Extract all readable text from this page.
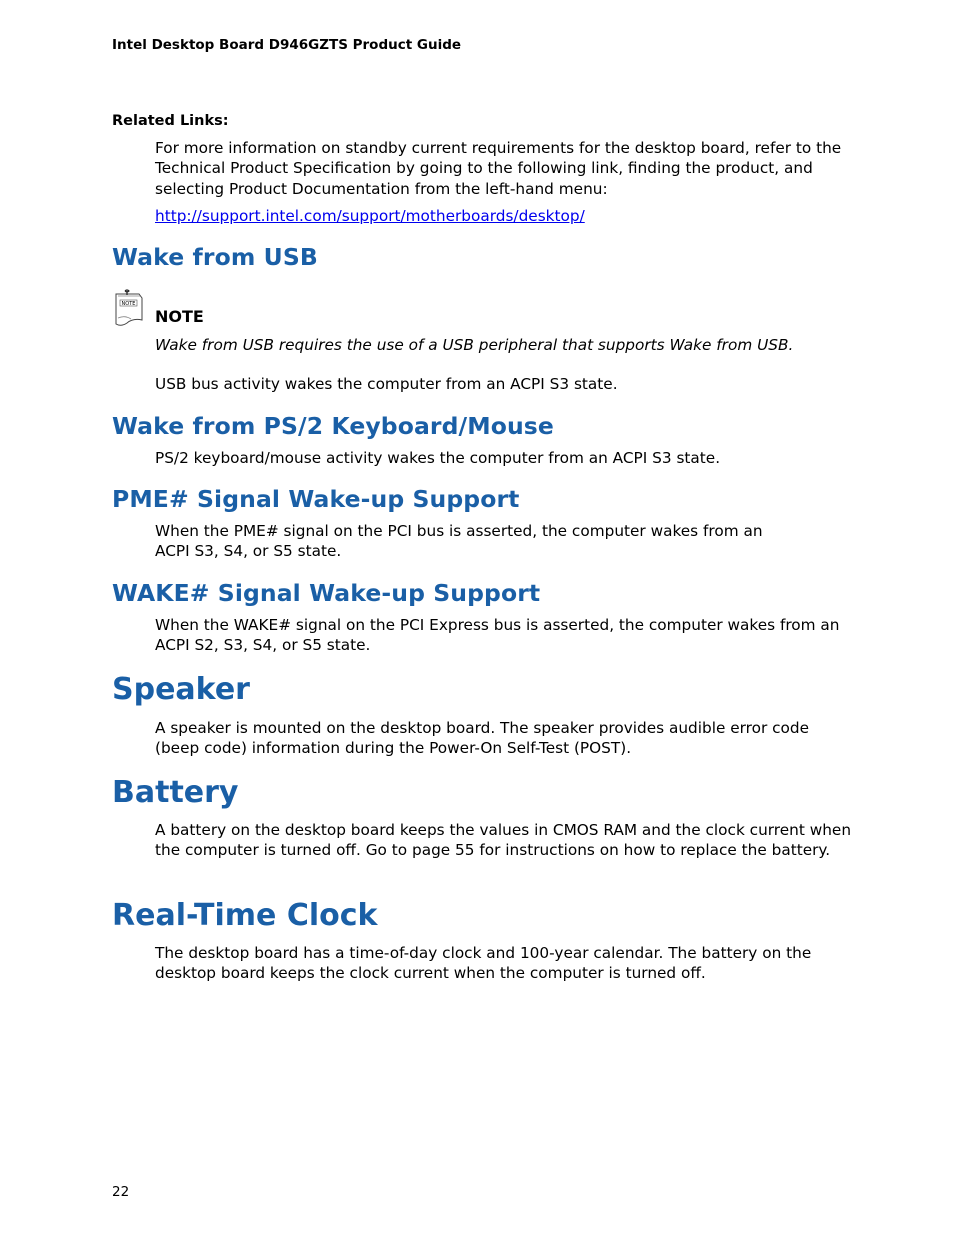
Intel Desktop Board D946GZTS Product Guide
Related Links:
For more information on standby current requirements for the desktop board, refer to the Technical Product Specification by going to the following link, finding the product, and selecting Product Documentation from the left-hand menu:
http://support.intel.com/support/motherboards/desktop/
Wake from USB
NOTE
NOTE
Wake from USB requires the use of a USB peripheral that supports Wake from USB.
USB bus activity wakes the computer from an ACPI S3 state.
Wake from PS/2 Keyboard/Mouse
PS/2 keyboard/mouse activity wakes the computer from an ACPI S3 state.
PME# Signal Wake-up Support
When the PME# signal on the PCI bus is asserted, the computer wakes from an
ACPI S3, S4, or S5 state.
WAKE# Signal Wake-up Support
When the WAKE# signal on the PCI Express bus is asserted, the computer wakes from an ACPI S2, S3, S4, or S5 state.
Speaker
A speaker is mounted on the desktop board. The speaker provides audible error code (beep code) information during the Power-On Self-Test (POST).
Battery
A battery on the desktop board keeps the values in CMOS RAM and the clock current when the computer is turned off. Go to page 55 for instructions on how to replace the battery.
Real-Time Clock
The desktop board has a time-of-day clock and 100-year calendar. The battery on the desktop board keeps the clock current when the computer is turned off.
22
